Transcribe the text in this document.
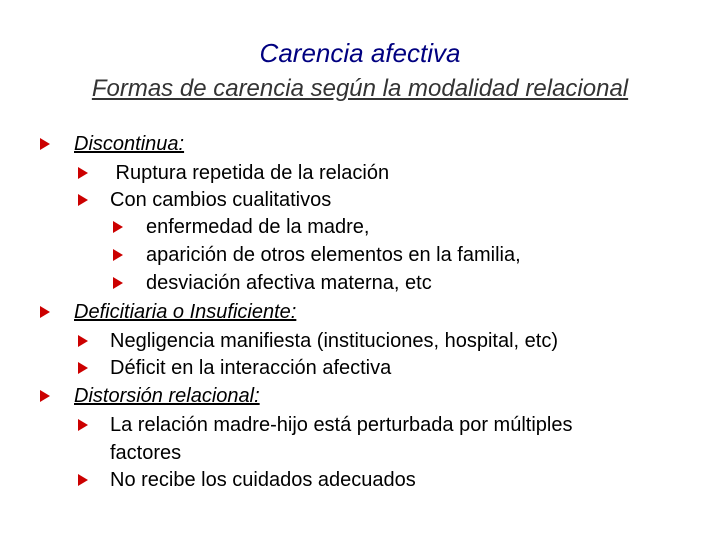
Carencia afectiva
Formas de carencia según la modalidad relacional
Discontinua:
Ruptura repetida de la relación
Con cambios cualitativos
enfermedad de la madre,
aparición de otros elementos en la familia,
desviación afectiva materna, etc
Deficitiaria o Insuficiente:
Negligencia manifiesta (instituciones, hospital, etc)
Déficit en la interacción afectiva
Distorsión relacional:
La relación madre-hijo está perturbada por múltiples
factores
No recibe los cuidados adecuados
